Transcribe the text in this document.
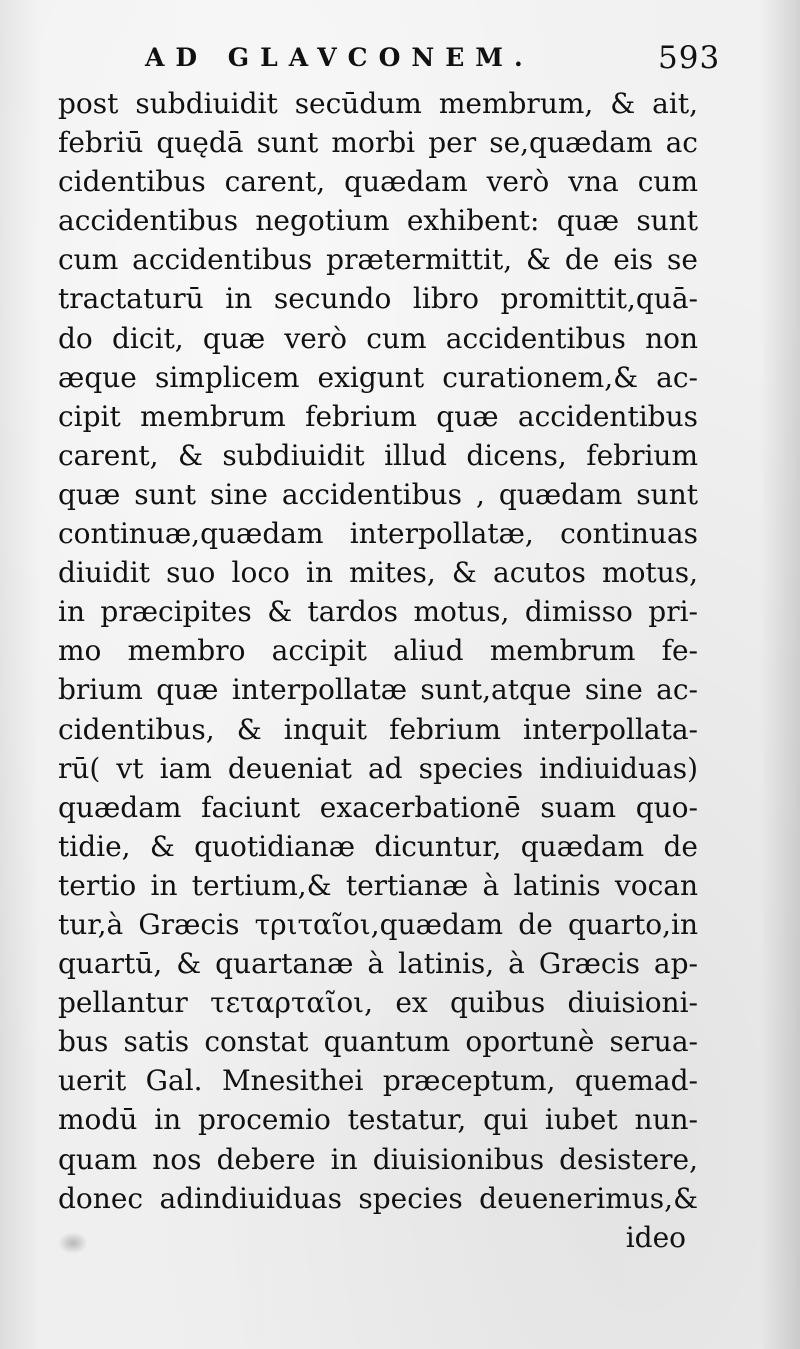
AD GLAVCONEM.	593
post subdiuidit secūdum membrum, & ait,
febriū quędā sunt morbi per se,quædam ac
cidentibus carent, quædam verò vna cum
accidentibus negotium exhibent: quæ sunt
cum accidentibus prætermittit, & de eis se
tractaturū in secundo libro promittit,quā-
do dicit, quæ verò cum accidentibus non
æque simplicem exigunt curationem,& ac-
cipit membrum febrium quæ accidentibus
carent, & subdiuidit illud dicens, febrium
quæ sunt sine accidentibus , quædam sunt
continuæ,quædam interpollatæ, continuas
diuidit suo loco in mites, & acutos motus,
in præcipites & tardos motus, dimisso pri-
mo membro accipit aliud membrum fe-
brium quæ interpollatæ sunt,atque sine ac-
cidentibus, & inquit febrium interpollata-
rū( vt iam deueniat ad species indiuiduas)
quædam faciunt exacerbationē suam quo-
tidie, & quotidianæ dicuntur, quædam de
tertio in tertium,& tertianæ à latinis vocan
tur,à Græcis τριταῖοι,quædam de quarto,in
quartū, & quartanæ à latinis, à Græcis ap-
pellantur τεταρταῖοι, ex quibus diuisioni-
bus satis constat quantum oportunè serua-
uerit Gal. Mnesithei præceptum, quemad-
modū in procemio testatur, qui iubet nun-
quam nos debere in diuisionibus desistere,
donec adindiuiduas species deuenerimus,&
ideo
